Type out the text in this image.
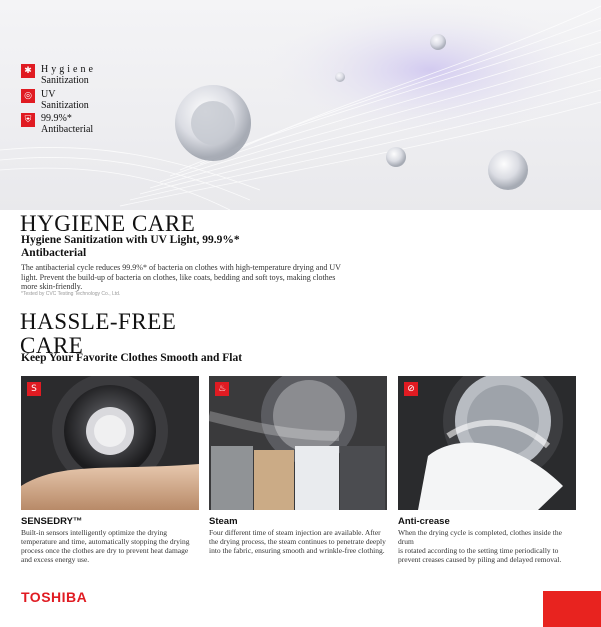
✱ Hygiene
Sanitization
◎ UV
Sanitization
⛨ 99.9%*
Antibacterial
HYGIENE CARE
Hygiene Sanitization with UV Light, 99.9%* Antibacterial
The antibacterial cycle reduces 99.9%* of bacteria on clothes with high-temperature drying and UV light. Prevent the build-up of bacteria on clothes, like coats, bedding and soft toys, making clothes more skin-friendly.
*Tested by CVC Testing Technology Co., Ltd.
HASSLE-FREE CARE
Keep Your Favorite Clothes Smooth and Flat
S	♨	⊘
SENSEDRY™
Built-in sensors intelligently optimize the drying temperature and time, automatically stopping the drying process once the clothes are dry to prevent heat damage and excess energy use.
Steam
Four different time of steam injection are available. After the drying process, the steam continues to penetrate deeply into the fabric, ensuring smooth and wrinkle-free clothing.
Anti-crease
When the drying cycle is completed, clothes inside the drum
is rotated according to the setting time periodically to prevent creases caused by piling and delayed removal.
TOSHIBA
